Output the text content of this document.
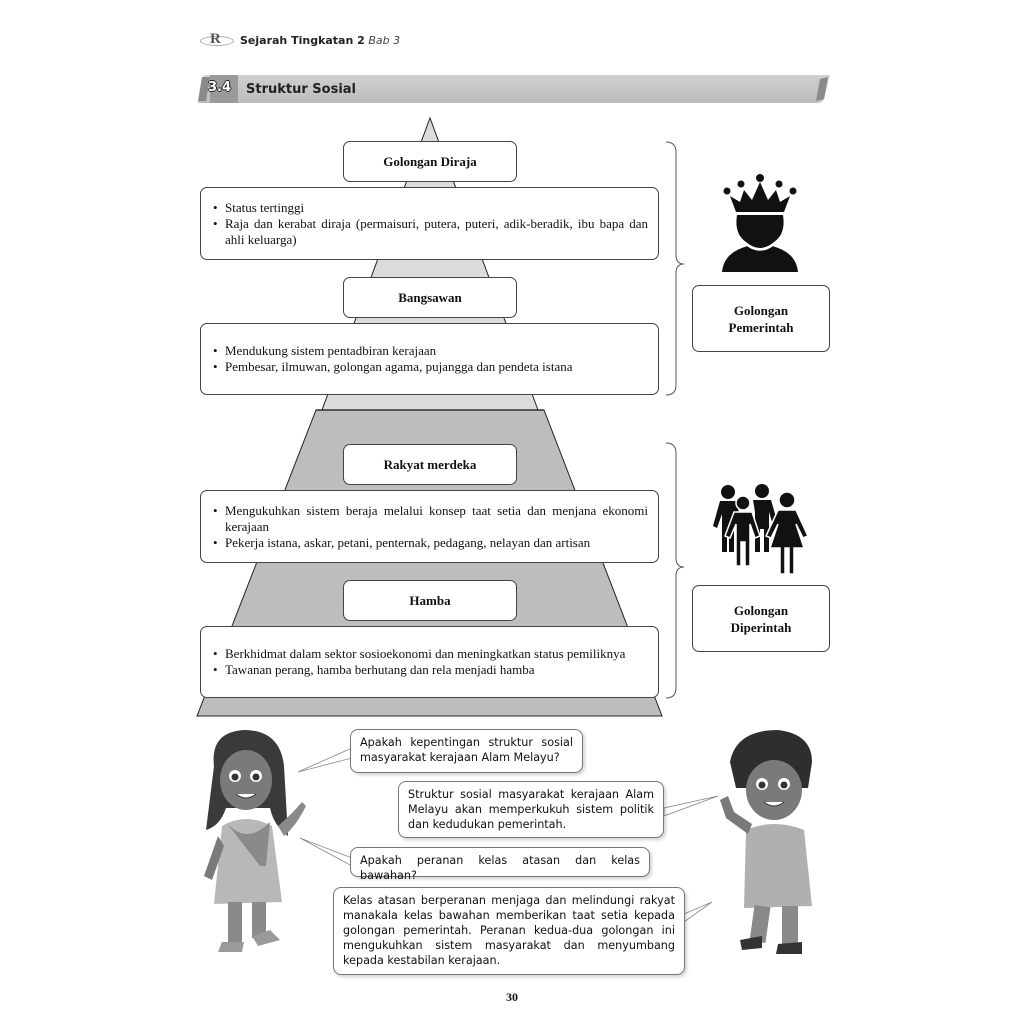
R Sejarah Tingkatan 2 Bab 3
3.4 Struktur Sosial
Golongan Diraja
• Status tertinggi
• Raja dan kerabat diraja (permaisuri, putera, puteri, adik-beradik, ibu bapa dan ahli keluarga)
Bangsawan
• Mendukung sistem pentadbiran kerajaan
• Pembesar, ilmuwan, golongan agama, pujangga dan pendeta istana
Rakyat merdeka
• Mengukuhkan sistem beraja melalui konsep taat setia dan menjana ekonomi kerajaan
• Pekerja istana, askar, petani, penternak, pedagang, nelayan dan artisan
Hamba
• Berkhidmat dalam sektor sosioekonomi dan meningkatkan status pemiliknya
• Tawanan perang, hamba berhutang dan rela menjadi hamba
Golongan
Pemerintah
Golongan
Diperintah
Apakah kepentingan struktur sosial masyarakat kerajaan Alam Melayu?
Struktur sosial masyarakat kerajaan Alam Melayu akan memperkukuh sistem politik dan kedudukan pemerintah.
Apakah peranan kelas atasan dan kelas bawahan?
Kelas atasan berperanan menjaga dan melindungi rakyat manakala kelas bawahan memberikan taat setia kepada golongan pemerintah. Peranan kedua-dua golongan ini mengukuhkan sistem masyarakat dan menyumbang kepada kestabilan kerajaan.
30
